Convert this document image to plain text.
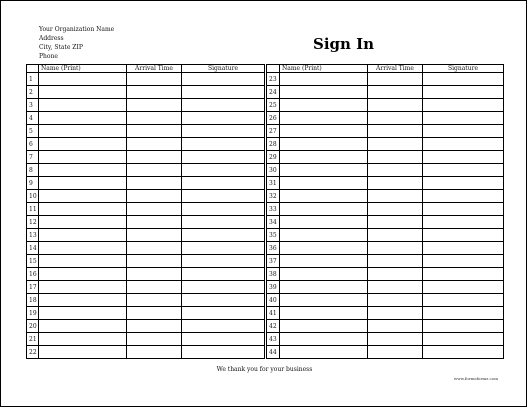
Your Organization Name
Address
City, State ZIP
Phone
Sign In
	Name (Print)	Arrival Time	Signature
1			
2			
3			
4			
5			
6			
7			
8			
9			
10			
11			
12			
13			
14			
15			
16			
17			
18			
19			
20			
21			
22			
	Name (Print)	Arrival Time	Signature
23			
24			
25			
26			
27			
28			
29			
30			
31			
32			
33			
34			
35			
36			
37			
38			
39			
40			
41			
42			
43			
44			
We thank you for your business
www.formsformz.com
